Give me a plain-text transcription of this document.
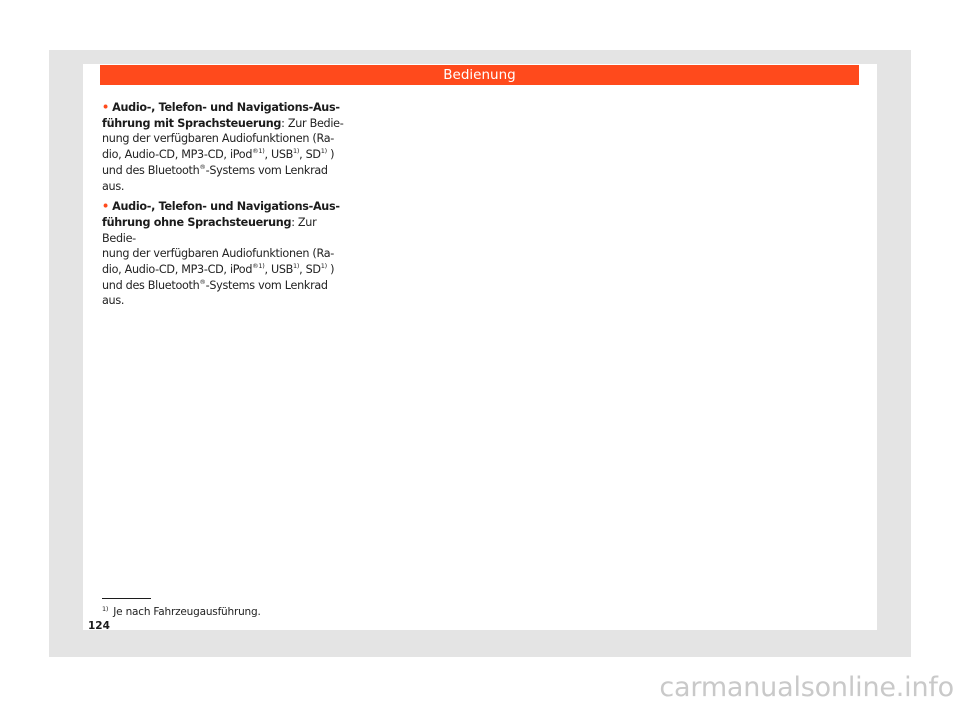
Bedienung
• Audio-, Telefon- und Navigations-Aus-
führung mit Sprachsteuerung: Zur Bedie-
nung der verfügbaren Audiofunktionen (Ra-
dio, Audio-CD, MP3-CD, iPod$^{®1)}$, USB$^{1)}$, SD$^{1)}$ )
und des Bluetooth®-Systems vom Lenkrad
aus.
• Audio-, Telefon- und Navigations-Aus-
führung ohne Sprachsteuerung: Zur Bedie-
nung der verfügbaren Audiofunktionen (Ra-
dio, Audio-CD, MP3-CD, iPod$^{®1)}$, USB$^{1)}$, SD$^{1)}$ )
und des Bluetooth®-Systems vom Lenkrad
aus.
$^{1)}$ Je nach Fahrzeugausführung.
124
carmanualsonline.info
